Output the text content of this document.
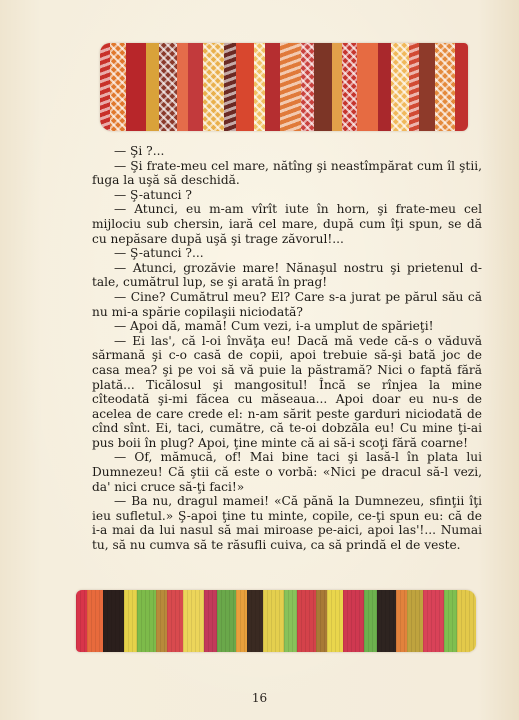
— Şi ?...

— Şi frate-meu cel mare, nătîng şi neastîmpărat cum îl ştii, fuga la uşă să deschidă.

— Ş-atunci ?

— Atunci, eu m-am vîrît iute în horn, şi frate-meu cel mijlociu sub chersin, iară cel mare, după cum îţi spun, se dă cu nepăsare după uşă şi trage zăvorul!...

— Ş-atunci ?...

— Atunci, grozăvie mare! Nănaşul nostru şi prietenul d-tale, cumătrul lup, se şi arată în prag!

— Cine? Cumătrul meu? El? Care s-a jurat pe părul său că nu mi-a spărie copilaşii niciodată?

— Apoi dă, mamă! Cum vezi, i-a umplut de spărieţi!

— Ei las', că l-oi învăţa eu! Dacă mă vede că-s o văduvă sărmană şi c-o casă de copii, apoi trebuie să-şi bată joc de casa mea? şi pe voi să vă puie la păstramă? Nici o faptă fără plată... Ticălosul şi mangositul! Încă se rînjea la mine cîteodată şi-mi făcea cu măseaua... Apoi doar eu nu-s de acelea de care crede el: n-am sărit peste garduri niciodată de cînd sînt. Ei, taci, cumătre, că te-oi dobzăla eu! Cu mine ţi-ai pus boii în plug? Apoi, ţine minte că ai să-i scoţi fără coarne!

— Of, mămucă, of! Mai bine taci şi lasă-l în plata lui Dumnezeu! Că ştii că este o vorbă: «Nici pe dracul să-l vezi, da' nici cruce să-ţi faci!»

— Ba nu, dragul mamei! «Că pănă la Dumnezeu, sfinţii îţi ieu sufletul.» Ş-apoi ţine tu minte, copile, ce-ţi spun eu: că de i-a mai da lui nasul să mai miroase pe-aici, apoi las'!... Numai tu, să nu cumva să te răsufli cuiva, ca să prindă el de veste.

16
